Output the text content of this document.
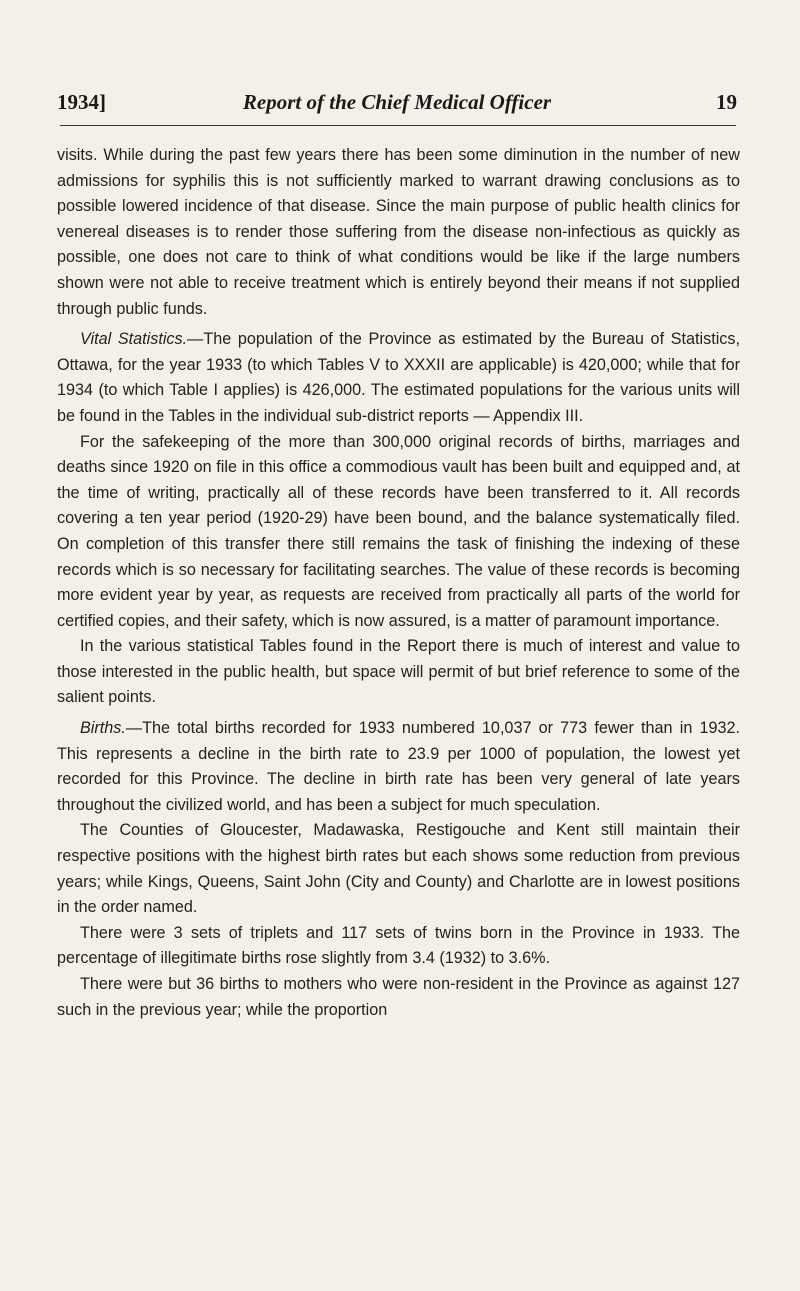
1934]	Report of the Chief Medical Officer	19

visits. While during the past few years there has been some diminution in the number of new admissions for syphilis this is not sufficiently marked to warrant drawing conclusions as to possible lowered incidence of that disease. Since the main purpose of public health clinics for venereal diseases is to render those suffering from the disease non-infectious as quickly as possible, one does not care to think of what conditions would be like if the large numbers shown were not able to receive treatment which is entirely beyond their means if not supplied through public funds.

Vital Statistics.—The population of the Province as estimated by the Bureau of Statistics, Ottawa, for the year 1933 (to which Tables V to XXXII are applicable) is 420,000; while that for 1934 (to which Table I applies) is 426,000. The estimated populations for the various units will be found in the Tables in the individual sub-district reports — Appendix III.

For the safekeeping of the more than 300,000 original records of births, marriages and deaths since 1920 on file in this office a commodious vault has been built and equipped and, at the time of writing, practically all of these records have been transferred to it. All records covering a ten year period (1920-29) have been bound, and the balance systematically filed. On completion of this transfer there still remains the task of finishing the indexing of these records which is so necessary for facilitating searches. The value of these records is becoming more evident year by year, as requests are received from practically all parts of the world for certified copies, and their safety, which is now assured, is a matter of paramount importance.

In the various statistical Tables found in the Report there is much of interest and value to those interested in the public health, but space will permit of but brief reference to some of the salient points.

Births.—The total births recorded for 1933 numbered 10,037 or 773 fewer than in 1932. This represents a decline in the birth rate to 23.9 per 1000 of population, the lowest yet recorded for this Province. The decline in birth rate has been very general of late years throughout the civilized world, and has been a subject for much speculation.

The Counties of Gloucester, Madawaska, Restigouche and Kent still maintain their respective positions with the highest birth rates but each shows some reduction from previous years; while Kings, Queens, Saint John (City and County) and Charlotte are in lowest positions in the order named.

There were 3 sets of triplets and 117 sets of twins born in the Province in 1933. The percentage of illegitimate births rose slightly from 3.4 (1932) to 3.6%.

There were but 36 births to mothers who were non-resident in the Province as against 127 such in the previous year; while the proportion
